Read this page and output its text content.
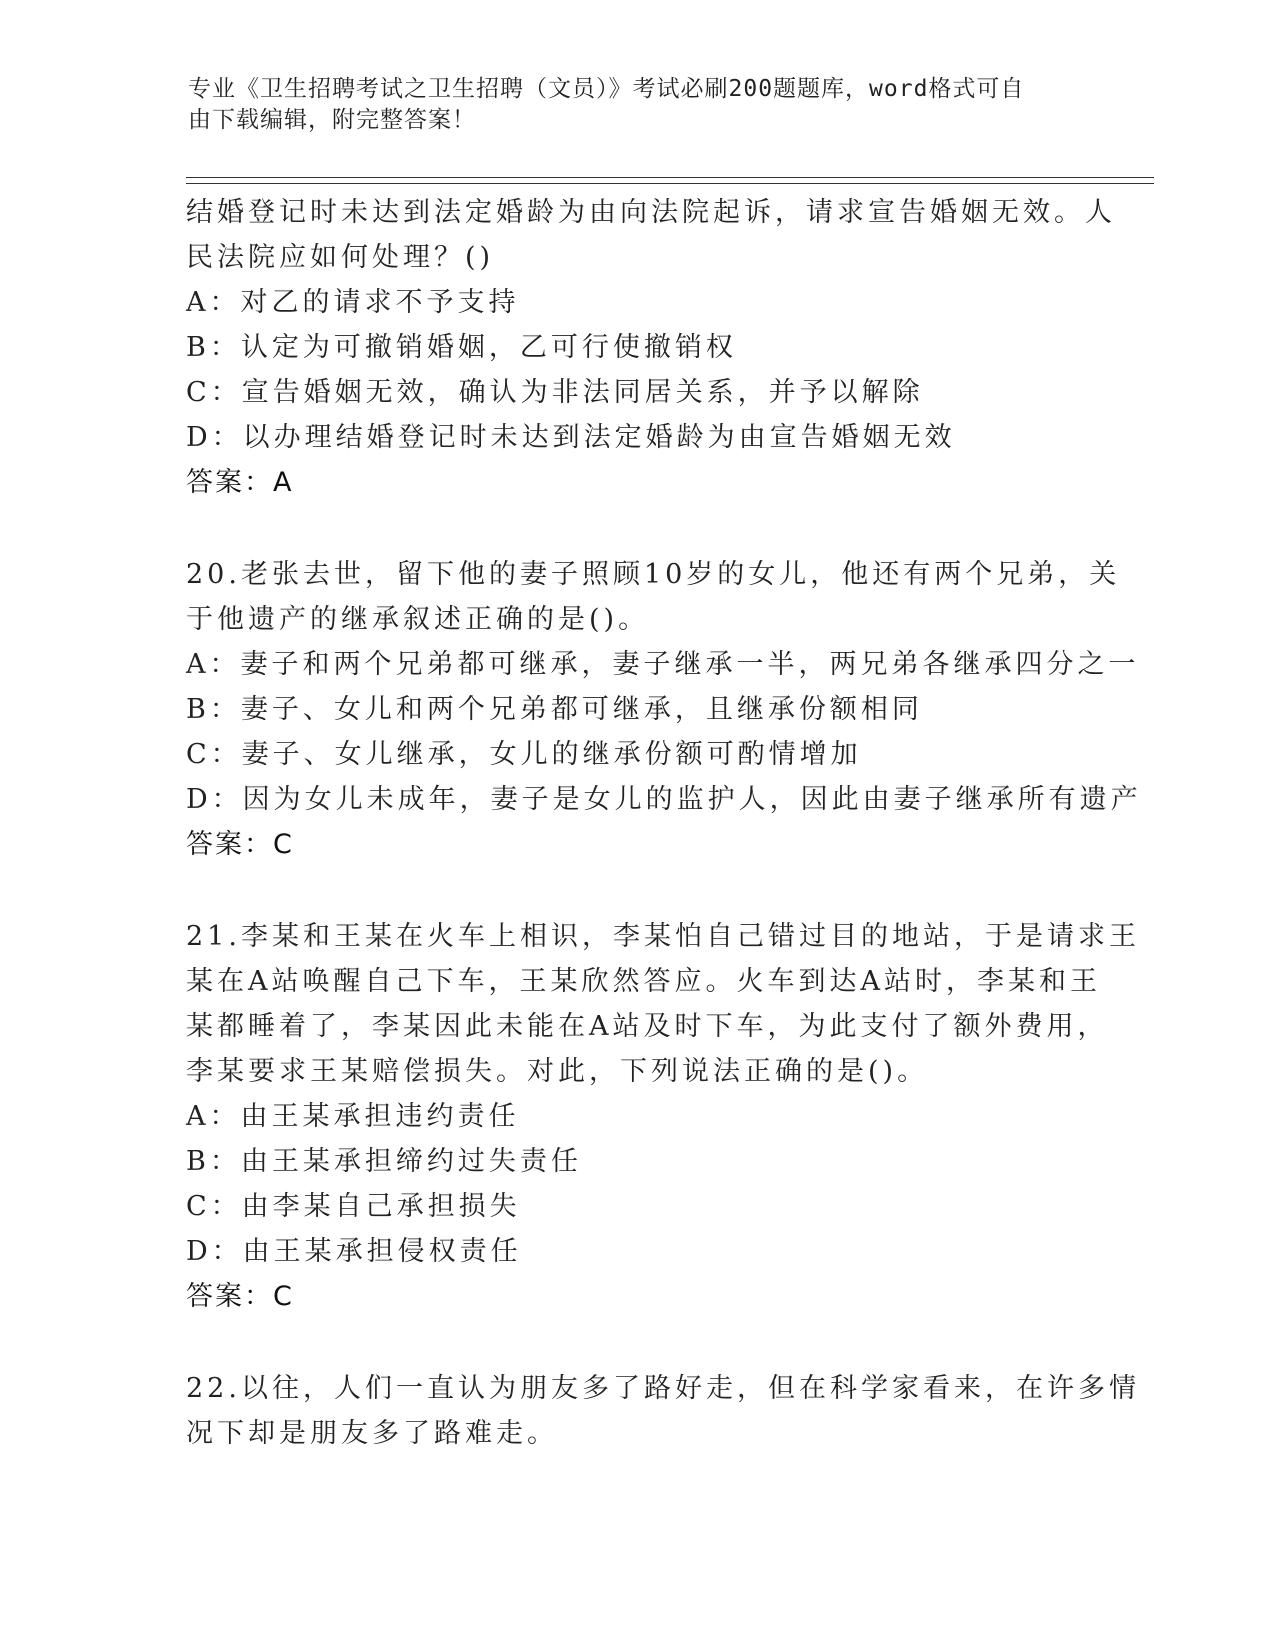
专业《卫生招聘考试之卫生招聘（文员）》考试必刷200题题库，word格式可自
由下载编辑，附完整答案！
结婚登记时未达到法定婚龄为由向法院起诉，请求宣告婚姻无效。人
民法院应如何处理？()
A：对乙的请求不予支持
B：认定为可撤销婚姻，乙可行使撤销权
C：宣告婚姻无效，确认为非法同居关系，并予以解除
D：以办理结婚登记时未达到法定婚龄为由宣告婚姻无效
答案：A
20.老张去世，留下他的妻子照顾10岁的女儿，他还有两个兄弟，关
于他遗产的继承叙述正确的是()。
A：妻子和两个兄弟都可继承，妻子继承一半，两兄弟各继承四分之一
B：妻子、女儿和两个兄弟都可继承，且继承份额相同
C：妻子、女儿继承，女儿的继承份额可酌情增加
D：因为女儿未成年，妻子是女儿的监护人，因此由妻子继承所有遗产
答案：C
21.李某和王某在火车上相识，李某怕自己错过目的地站，于是请求王
某在A站唤醒自己下车，王某欣然答应。火车到达A站时，李某和王
某都睡着了，李某因此未能在A站及时下车，为此支付了额外费用，
李某要求王某赔偿损失。对此，下列说法正确的是()。
A：由王某承担违约责任
B：由王某承担缔约过失责任
C：由李某自己承担损失
D：由王某承担侵权责任
答案：C
22.以往，人们一直认为朋友多了路好走，但在科学家看来，在许多情
况下却是朋友多了路难走。
